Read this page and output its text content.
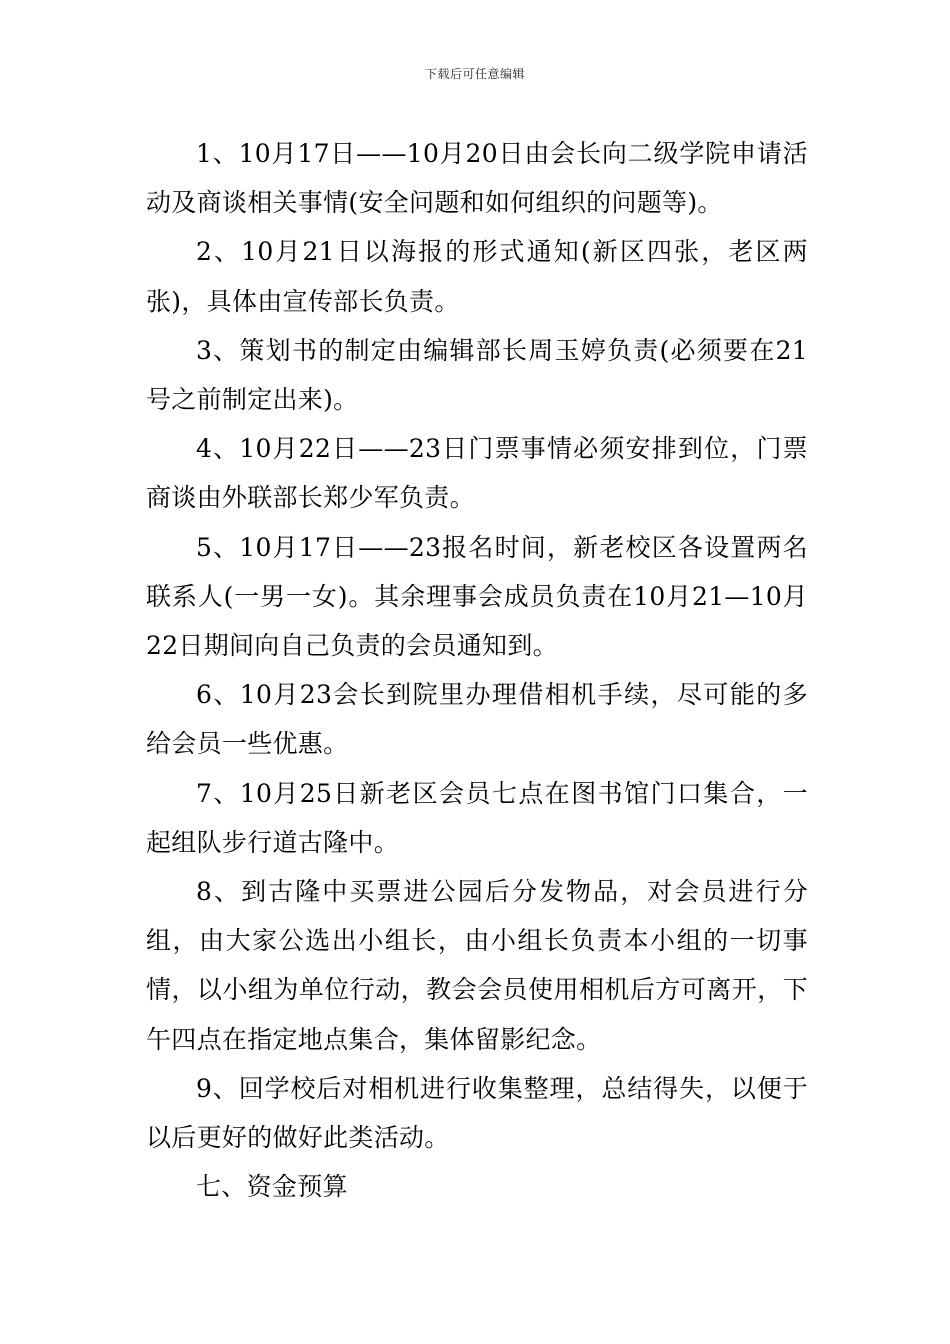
下载后可任意编辑

1、10月17日——10月20日由会长向二级学院申请活动及商谈相关事情(安全问题和如何组织的问题等)。

2、10月21日以海报的形式通知(新区四张，老区两张)，具体由宣传部长负责。

3、策划书的制定由编辑部长周玉婷负责(必须要在21号之前制定出来)。

4、10月22日——23日门票事情必须安排到位，门票商谈由外联部长郑少军负责。

5、10月17日——23报名时间，新老校区各设置两名联系人(一男一女)。其余理事会成员负责在10月21—10月22日期间向自己负责的会员通知到。

6、10月23会长到院里办理借相机手续，尽可能的多给会员一些优惠。

7、10月25日新老区会员七点在图书馆门口集合，一起组队步行道古隆中。

8、到古隆中买票进公园后分发物品，对会员进行分组，由大家公选出小组长，由小组长负责本小组的一切事情，以小组为单位行动，教会会员使用相机后方可离开，下午四点在指定地点集合，集体留影纪念。

9、回学校后对相机进行收集整理，总结得失，以便于以后更好的做好此类活动。

七、资金预算
